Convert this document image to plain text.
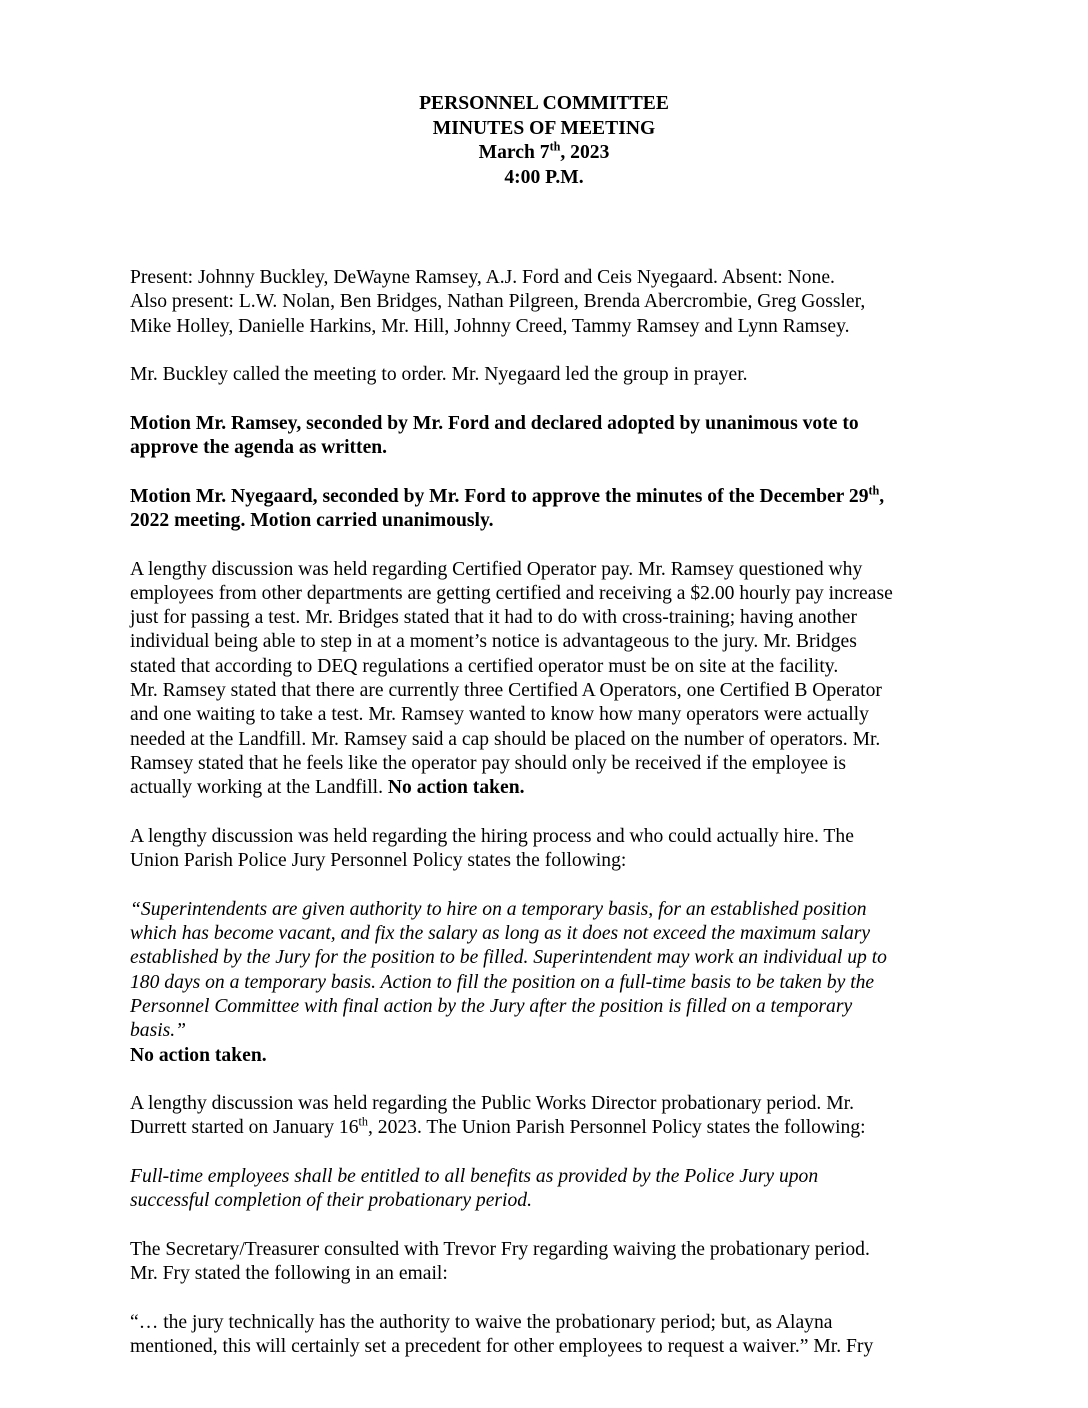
PERSONNEL COMMITTEE
MINUTES OF MEETING
March 7th, 2023
4:00 P.M.

Present: Johnny Buckley, DeWayne Ramsey, A.J. Ford and Ceis Nyegaard. Absent: None.
Also present: L.W. Nolan, Ben Bridges, Nathan Pilgreen, Brenda Abercrombie, Greg Gossler,
Mike Holley, Danielle Harkins, Mr. Hill, Johnny Creed, Tammy Ramsey and Lynn Ramsey.

Mr. Buckley called the meeting to order. Mr. Nyegaard led the group in prayer.

Motion Mr. Ramsey, seconded by Mr. Ford and declared adopted by unanimous vote to
approve the agenda as written.

Motion Mr. Nyegaard, seconded by Mr. Ford to approve the minutes of the December 29th,
2022 meeting. Motion carried unanimously.

A lengthy discussion was held regarding Certified Operator pay. Mr. Ramsey questioned why
employees from other departments are getting certified and receiving a $2.00 hourly pay increase
just for passing a test. Mr. Bridges stated that it had to do with cross-training; having another
individual being able to step in at a moment’s notice is advantageous to the jury. Mr. Bridges
stated that according to DEQ regulations a certified operator must be on site at the facility.
Mr. Ramsey stated that there are currently three Certified A Operators, one Certified B Operator
and one waiting to take a test. Mr. Ramsey wanted to know how many operators were actually
needed at the Landfill. Mr. Ramsey said a cap should be placed on the number of operators. Mr.
Ramsey stated that he feels like the operator pay should only be received if the employee is
actually working at the Landfill. No action taken.

A lengthy discussion was held regarding the hiring process and who could actually hire. The
Union Parish Police Jury Personnel Policy states the following:

“Superintendents are given authority to hire on a temporary basis, for an established position
which has become vacant, and fix the salary as long as it does not exceed the maximum salary
established by the Jury for the position to be filled. Superintendent may work an individual up to
180 days on a temporary basis. Action to fill the position on a full-time basis to be taken by the
Personnel Committee with final action by the Jury after the position is filled on a temporary
basis.”

No action taken.

A lengthy discussion was held regarding the Public Works Director probationary period. Mr.
Durrett started on January 16th, 2023. The Union Parish Personnel Policy states the following:

Full-time employees shall be entitled to all benefits as provided by the Police Jury upon
successful completion of their probationary period.

The Secretary/Treasurer consulted with Trevor Fry regarding waiving the probationary period.
Mr. Fry stated the following in an email:

“… the jury technically has the authority to waive the probationary period; but, as Alayna
mentioned, this will certainly set a precedent for other employees to request a waiver.” Mr. Fry
